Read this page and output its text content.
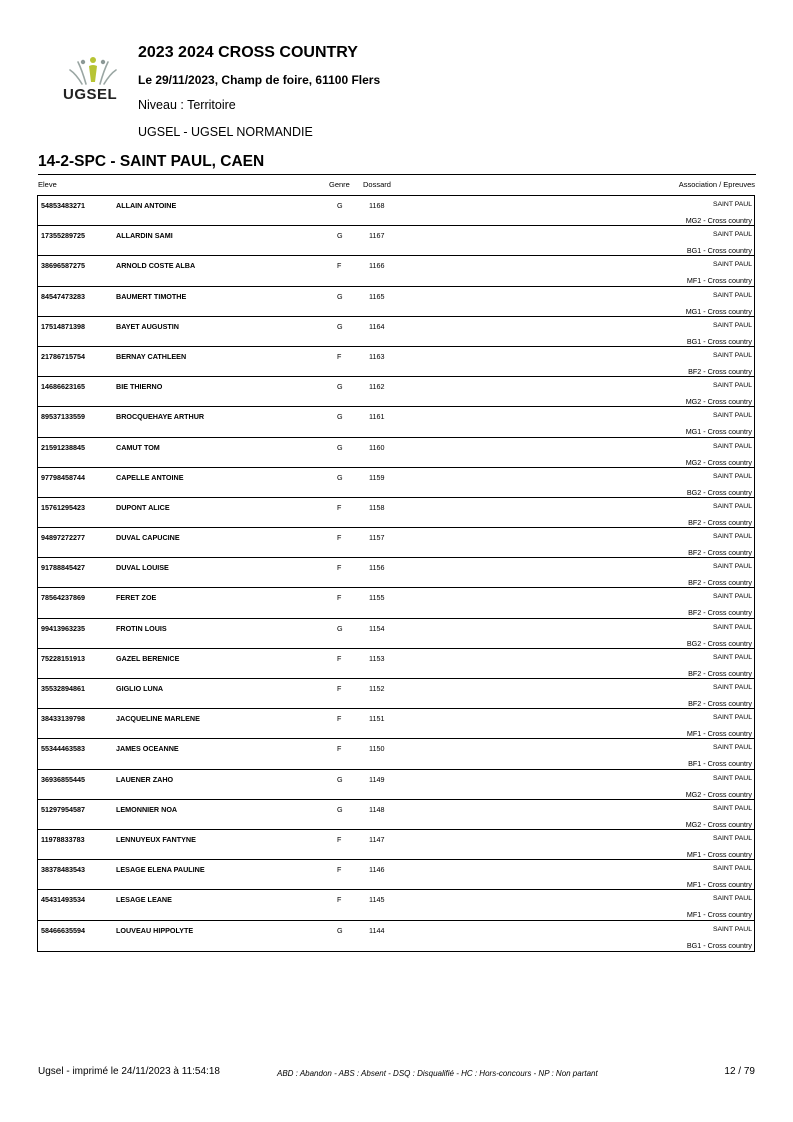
UGSEL
2023 2024 CROSS COUNTRY
Le 29/11/2023, Champ de foire, 61100 Flers
Niveau : Territoire
UGSEL - UGSEL NORMANDIE
14-2-SPC - SAINT PAUL, CAEN
Eleve	Genre Dossard	Association / Epreuves
54853483271	ALLAIN ANTOINE	G	1168	SAINT PAUL
MG2 - Cross country
17355289725	ALLARDIN SAMI	G	1167	SAINT PAUL
BG1 - Cross country
38696587275	ARNOLD COSTE ALBA	F	1166	SAINT PAUL
MF1 - Cross country
84547473283	BAUMERT TIMOTHE	G	1165	SAINT PAUL
MG1 - Cross country
17514871398	BAYET AUGUSTIN	G	1164	SAINT PAUL
BG1 - Cross country
21786715754	BERNAY CATHLEEN	F	1163	SAINT PAUL
BF2 - Cross country
14686623165	BIE THIERNO	G	1162	SAINT PAUL
MG2 - Cross country
89537133559	BROCQUEHAYE ARTHUR	G	1161	SAINT PAUL
MG1 - Cross country
21591238845	CAMUT TOM	G	1160	SAINT PAUL
MG2 - Cross country
97798458744	CAPELLE ANTOINE	G	1159	SAINT PAUL
BG2 - Cross country
15761295423	DUPONT ALICE	F	1158	SAINT PAUL
BF2 - Cross country
94897272277	DUVAL CAPUCINE	F	1157	SAINT PAUL
BF2 - Cross country
91788845427	DUVAL LOUISE	F	1156	SAINT PAUL
BF2 - Cross country
78564237869	FERET ZOE	F	1155	SAINT PAUL
BF2 - Cross country
99413963235	FROTIN LOUIS	G	1154	SAINT PAUL
BG2 - Cross country
75228151913	GAZEL BERENICE	F	1153	SAINT PAUL
BF2 - Cross country
35532894861	GIGLIO LUNA	F	1152	SAINT PAUL
BF2 - Cross country
38433139798	JACQUELINE MARLENE	F	1151	SAINT PAUL
MF1 - Cross country
55344463583	JAMES OCEANNE	F	1150	SAINT PAUL
BF1 - Cross country
36936855445	LAUENER ZAHO	G	1149	SAINT PAUL
MG2 - Cross country
51297954587	LEMONNIER NOA	G	1148	SAINT PAUL
MG2 - Cross country
11978833783	LENNUYEUX FANTYNE	F	1147	SAINT PAUL
MF1 - Cross country
38378483543	LESAGE ELENA PAULINE	F	1146	SAINT PAUL
MF1 - Cross country
45431493534	LESAGE LEANE	F	1145	SAINT PAUL
MF1 - Cross country
58466635594	LOUVEAU HIPPOLYTE	G	1144	SAINT PAUL
BG1 - Cross country
Ugsel - imprimé le 24/11/2023 à 11:54:18	ABD : Abandon - ABS : Absent - DSQ : Disqualifié - HC : Hors-concours - NP : Non partant	12 / 79
